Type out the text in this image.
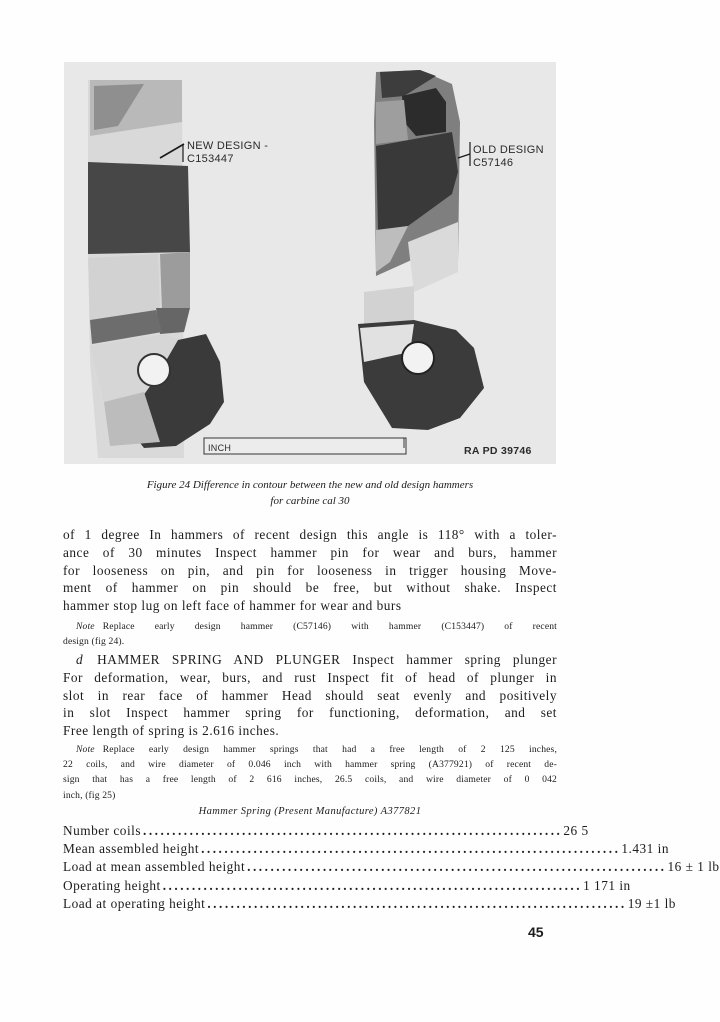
NEW DESIGN -
C153447
OLD DESIGN
C57146
INCH	RA PD 39746
Figure 24 Difference in contour between the new and old design hammers
for carbine cal 30
of 1 degree In hammers of recent design this angle is 118° with a toler-
ance of 30 minutes Inspect hammer pin for wear and burs, hammer
for looseness on pin, and pin for looseness in trigger housing Move-
ment of hammer on pin should be free, but without shake. Inspect
hammer stop lug on left face of hammer for wear and burs
Note Replace early design hammer (C57146) with hammer (C153447) of recent
design (fig 24).
d HAMMER SPRING AND PLUNGER Inspect hammer spring plunger
For deformation, wear, burs, and rust Inspect fit of head of plunger in
slot in rear face of hammer Head should seat evenly and positively
in slot Inspect hammer spring for functioning, deformation, and set
Free length of spring is 2.616 inches.
Note Replace early design hammer springs that had a free length of 2 125 inches,
22 coils, and wire diameter of 0.046 inch with hammer spring (A377921) of recent de-
sign that has a free length of 2 616 inches, 26.5 coils, and wire diameter of 0 042
inch, (fig 25)
Hammer Spring (Present Manufacture) A377821
Number coils ........................................................................ 26 5
Mean assembled height ........................................................................ 1.431 in
Load at mean assembled height ........................................................................ 16 ± 1 lb
Operating height ........................................................................ 1 171 in
Load at operating height ........................................................................ 19 ±1 lb
45
